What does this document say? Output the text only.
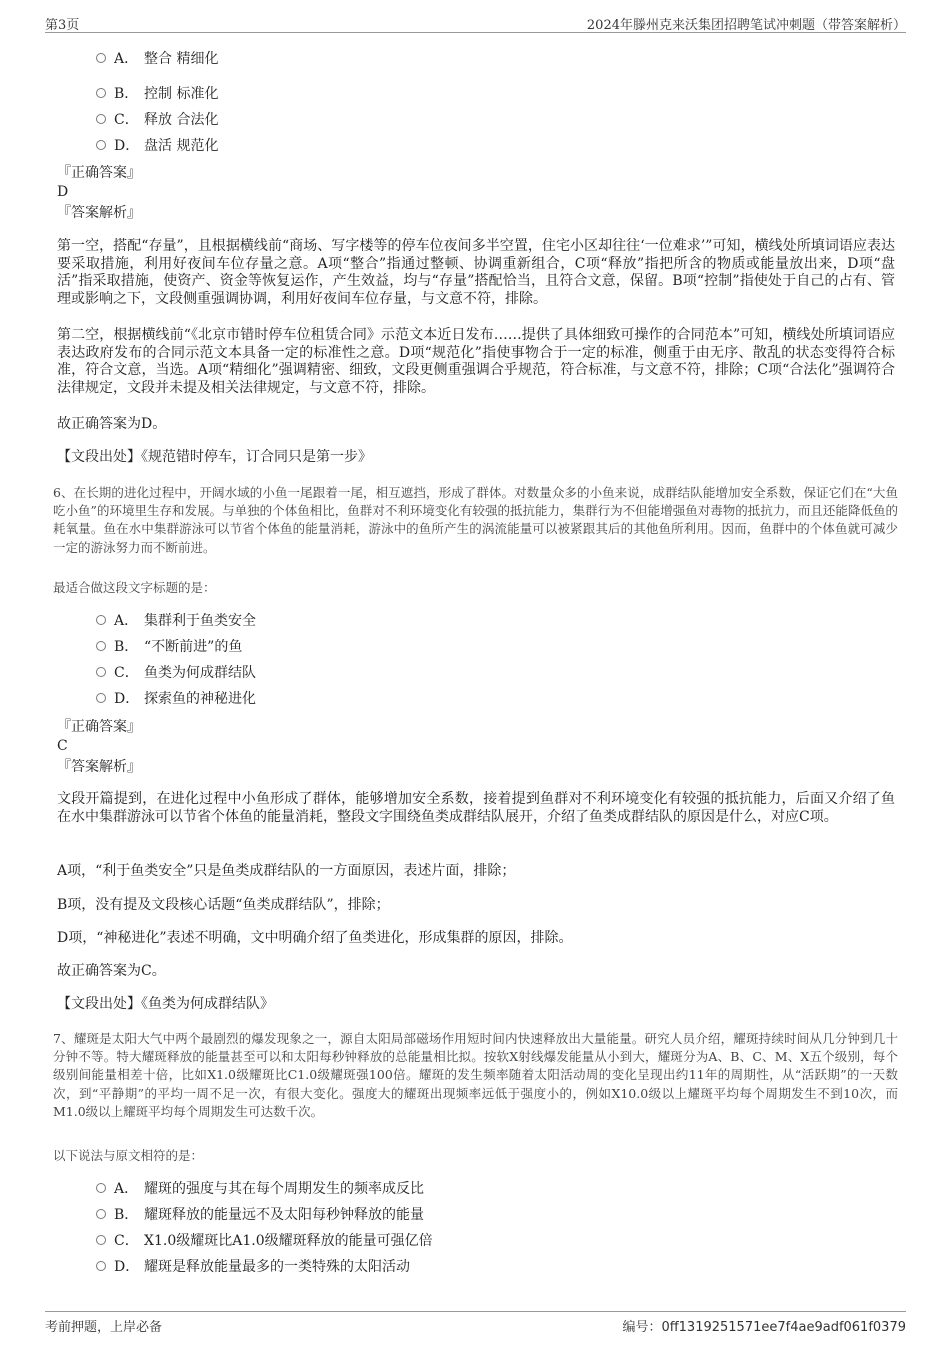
第3页	2024年滕州克来沃集团招聘笔试冲刺题（带答案解析）
A． 整合 精细化
B． 控制 标准化
C． 释放 合法化
D． 盘活 规范化
『正确答案』
D
『答案解析』
第一空，搭配“存量”，且根据横线前“商场、写字楼等的停车位夜间多半空置，住宅小区却往往‘一位难求’”可知，横线处所填词语应表达要采取措施，利用好夜间车位存量之意。A项“整合”指通过整顿、协调重新组合，C项“释放”指把所含的物质或能量放出来，D项“盘活”指采取措施，使资产、资金等恢复运作，产生效益，均与“存量”搭配恰当，且符合文意，保留。B项“控制”指使处于自己的占有、管理或影响之下，文段侧重强调协调，利用好夜间车位存量，与文意不符，排除。
第二空，根据横线前“《北京市错时停车位租赁合同》示范文本近日发布……提供了具体细致可操作的合同范本”可知，横线处所填词语应表达政府发布的合同示范文本具备一定的标准性之意。D项“规范化”指使事物合于一定的标准，侧重于由无序、散乱的状态变得符合标准，符合文意，当选。A项“精细化”强调精密、细致，文段更侧重强调合乎规范，符合标准，与文意不符，排除；C项“合法化”强调符合法律规定，文段并未提及相关法律规定，与文意不符，排除。
故正确答案为D。
【文段出处】《规范错时停车，订合同只是第一步》
6、在长期的进化过程中，开阔水域的小鱼一尾跟着一尾，相互遮挡，形成了群体。对数量众多的小鱼来说，成群结队能增加安全系数，保证它们在“大鱼吃小鱼”的环境里生存和发展。与单独的个体鱼相比，鱼群对不利环境变化有较强的抵抗能力，集群行为不但能增强鱼对毒物的抵抗力，而且还能降低鱼的耗氧量。鱼在水中集群游泳可以节省个体鱼的能量消耗，游泳中的鱼所产生的涡流能量可以被紧跟其后的其他鱼所利用。因而，鱼群中的个体鱼就可减少一定的游泳努力而不断前进。
最适合做这段文字标题的是：
A． 集群利于鱼类安全
B． “不断前进”的鱼
C． 鱼类为何成群结队
D． 探索鱼的神秘进化
『正确答案』
C
『答案解析』
文段开篇提到，在进化过程中小鱼形成了群体，能够增加安全系数，接着提到鱼群对不利环境变化有较强的抵抗能力，后面又介绍了鱼在水中集群游泳可以节省个体鱼的能量消耗，整段文字围绕鱼类成群结队展开，介绍了鱼类成群结队的原因是什么，对应C项。
A项，“利于鱼类安全”只是鱼类成群结队的一方面原因，表述片面，排除；
B项，没有提及文段核心话题“鱼类成群结队”，排除；
D项，“神秘进化”表述不明确，文中明确介绍了鱼类进化，形成集群的原因，排除。
故正确答案为C。
【文段出处】《鱼类为何成群结队》
7、耀斑是太阳大气中两个最剧烈的爆发现象之一，源自太阳局部磁场作用短时间内快速释放出大量能量。研究人员介绍，耀斑持续时间从几分钟到几十分钟不等。特大耀斑释放的能量甚至可以和太阳每秒钟释放的总能量相比拟。按软X射线爆发能量从小到大，耀斑分为A、B、C、M、X五个级别，每个级别间能量相差十倍，比如X1.0级耀斑比C1.0级耀斑强100倍。耀斑的发生频率随着太阳活动周的变化呈现出约11年的周期性，从“活跃期”的一天数次，到“平静期”的平均一周不足一次，有很大变化。强度大的耀斑出现频率远低于强度小的，例如X10.0级以上耀斑平均每个周期发生不到10次，而M1.0级以上耀斑平均每个周期发生可达数千次。
以下说法与原文相符的是：
A． 耀斑的强度与其在每个周期发生的频率成反比
B． 耀斑释放的能量远不及太阳每秒钟释放的能量
C． X1.0级耀斑比A1.0级耀斑释放的能量可强亿倍
D． 耀斑是释放能量最多的一类特殊的太阳活动
考前押题，上岸必备	编号：0ff1319251571ee7f4ae9adf061f0379
